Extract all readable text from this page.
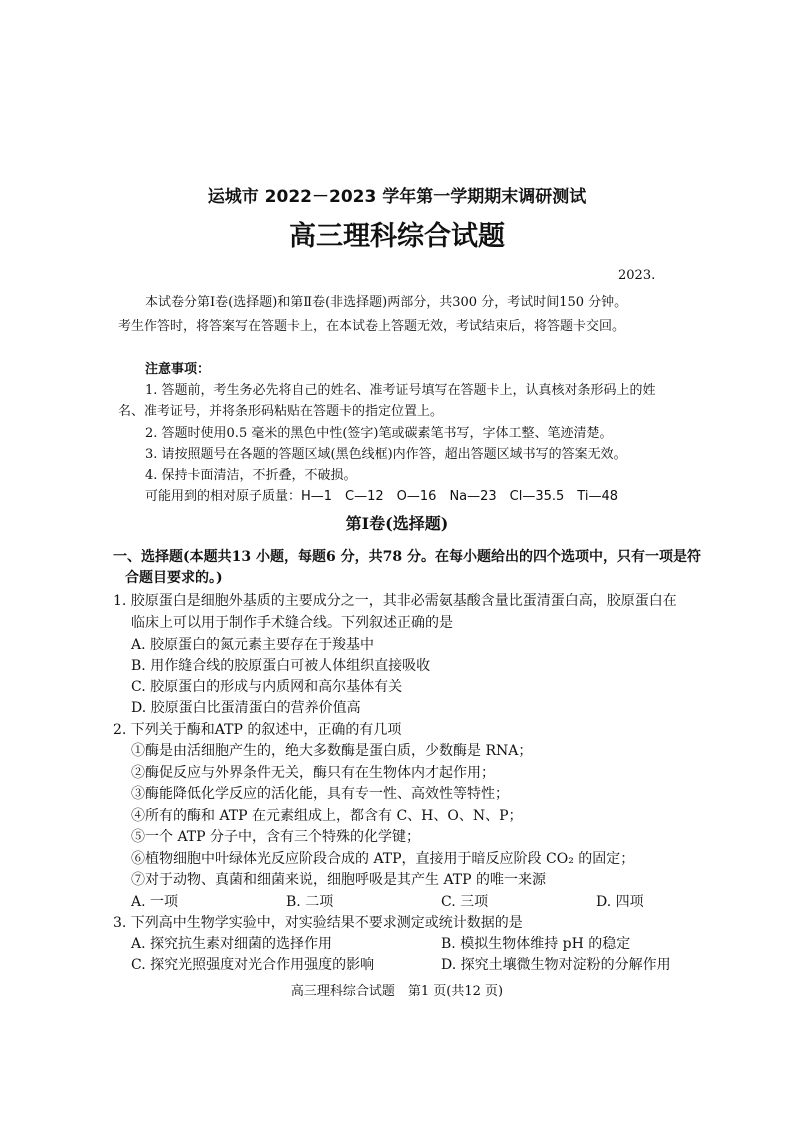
运城市 2022－2023 学年第一学期期末调研测试
高三理科综合试题
2023.
本试卷分第Ⅰ卷(选择题)和第Ⅱ卷(非选择题)两部分，共300 分，考试时间150 分钟。
考生作答时，将答案写在答题卡上，在本试卷上答题无效，考试结束后，将答题卡交回。
注意事项：
1. 答题前，考生务必先将自己的姓名、准考证号填写在答题卡上，认真核对条形码上的姓
名、准考证号，并将条形码粘贴在答题卡的指定位置上。
2. 答题时使用0.5 毫米的黑色中性(签字)笔或碳素笔书写，字体工整、笔迹清楚。
3. 请按照题号在各题的答题区域(黑色线框)内作答，超出答题区域书写的答案无效。
4. 保持卡面清洁，不折叠，不破损。
可能用到的相对原子质量：H—1　C—12　O—16　Na—23　Cl—35.5　Ti—48
第Ⅰ卷(选择题)
一、选择题(本题共13 小题，每题6 分，共78 分。在每小题给出的四个选项中，只有一项是符
合题目要求的。)
1. 胶原蛋白是细胞外基质的主要成分之一，其非必需氨基酸含量比蛋清蛋白高，胶原蛋白在
临床上可以用于制作手术缝合线。下列叙述正确的是
A. 胶原蛋白的氮元素主要存在于羧基中
B. 用作缝合线的胶原蛋白可被人体组织直接吸收
C. 胶原蛋白的形成与内质网和高尔基体有关
D. 胶原蛋白比蛋清蛋白的营养价值高
2. 下列关于酶和ATP 的叙述中，正确的有几项
①酶是由活细胞产生的，绝大多数酶是蛋白质，少数酶是 RNA；
②酶促反应与外界条件无关，酶只有在生物体内才起作用；
③酶能降低化学反应的活化能，具有专一性、高效性等特性；
④所有的酶和 ATP 在元素组成上，都含有 C、H、O、N、P；
⑤一个 ATP 分子中，含有三个特殊的化学键；
⑥植物细胞中叶绿体光反应阶段合成的 ATP，直接用于暗反应阶段 CO₂ 的固定；
⑦对于动物、真菌和细菌来说，细胞呼吸是其产生 ATP 的唯一来源
A. 一项	B. 二项	C. 三项	D. 四项
3. 下列高中生物学实验中，对实验结果不要求测定或统计数据的是
A. 探究抗生素对细菌的选择作用	B. 模拟生物体维持 pH 的稳定
C. 探究光照强度对光合作用强度的影响	D. 探究土壤微生物对淀粉的分解作用
高三理科综合试题　第1 页(共12 页)
